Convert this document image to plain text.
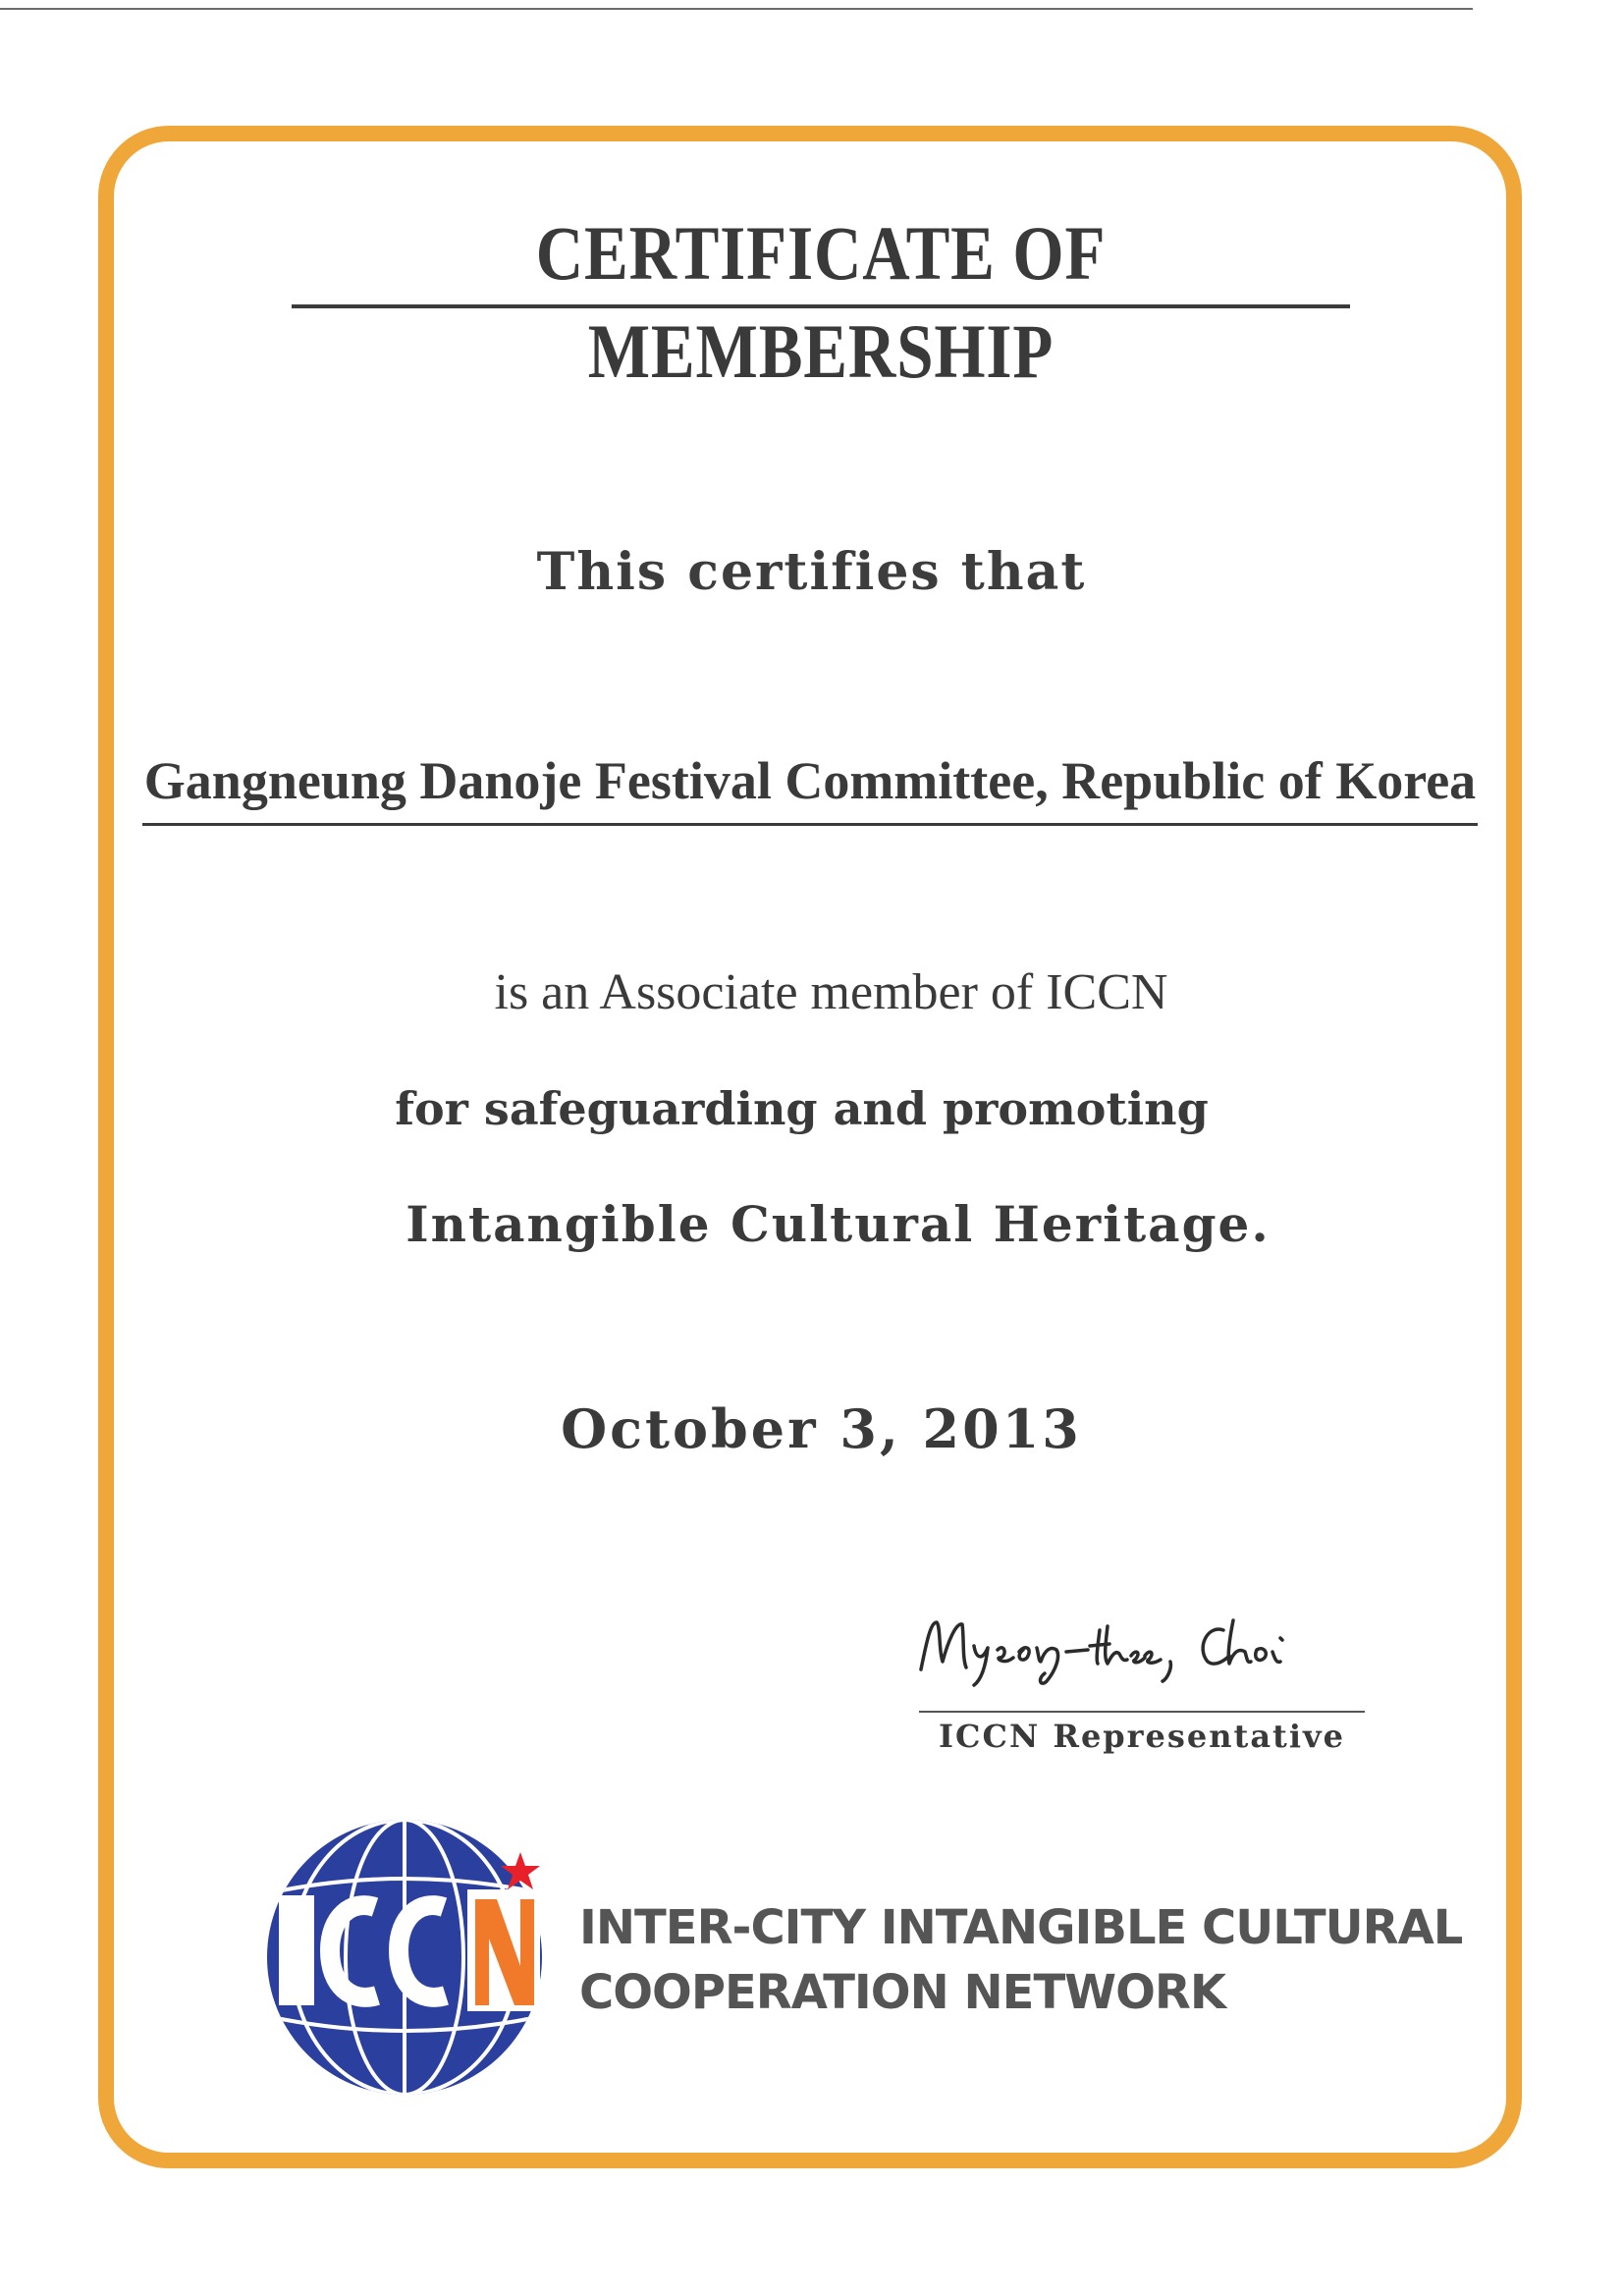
CERTIFICATE OF MEMBERSHIP
This certifies that
Gangneung Danoje Festival Committee, Republic of Korea
is an Associate member of ICCN
for safeguarding and promoting
Intangible Cultural Heritage.
October 3, 2013
ICCN Representative
INTER-CITY INTANGIBLE CULTURAL
COOPERATION NETWORK
